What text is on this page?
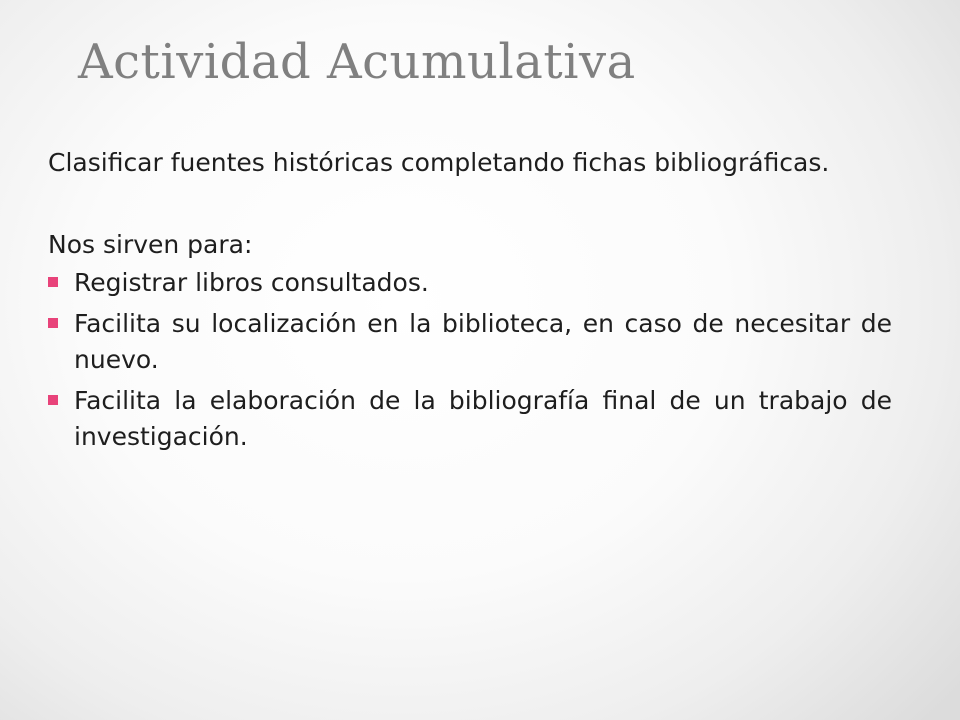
Actividad Acumulativa

Clasificar fuentes históricas completando fichas bibliográficas.

Nos sirven para:

Registrar libros consultados.
Facilita su localización en la biblioteca, en caso de necesitar de nuevo.
Facilita la elaboración de la bibliografía final de un trabajo de investigación.
